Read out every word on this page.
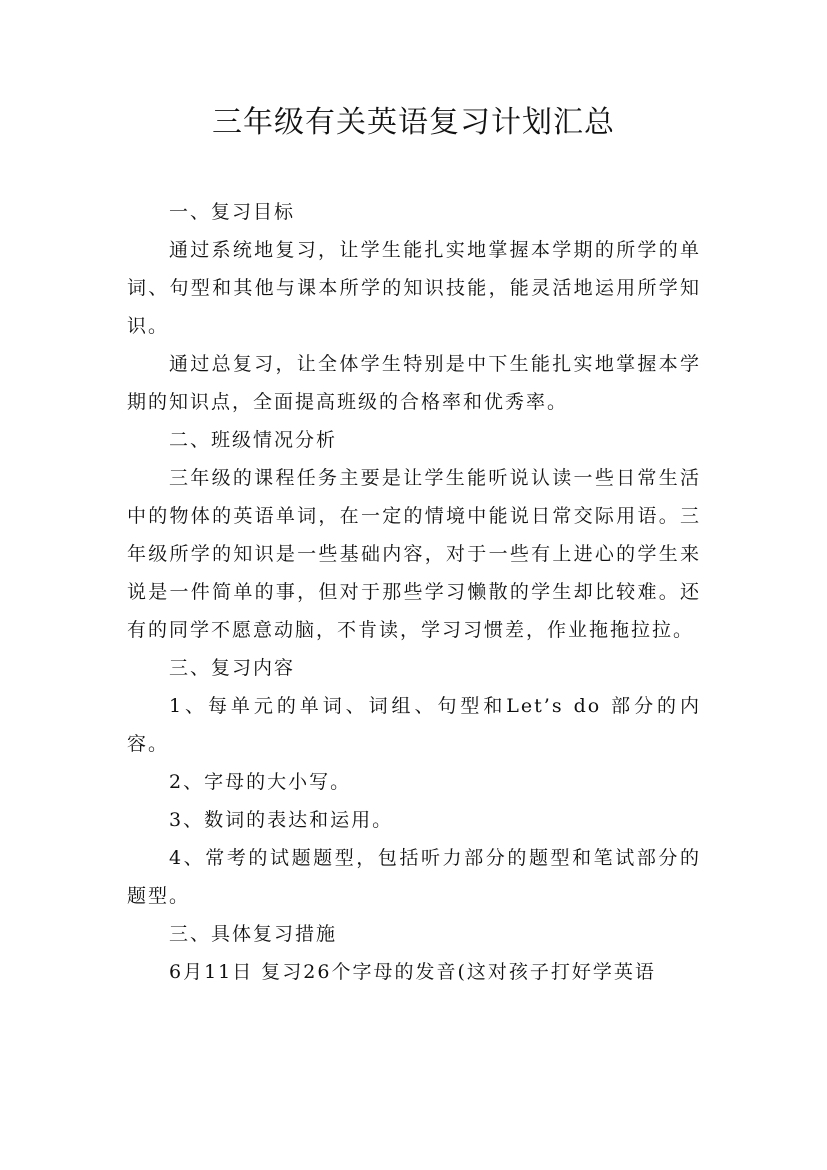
三年级有关英语复习计划汇总

一、复习目标

通过系统地复习，让学生能扎实地掌握本学期的所学的单词、句型和其他与课本所学的知识技能，能灵活地运用所学知识。

通过总复习，让全体学生特别是中下生能扎实地掌握本学期的知识点，全面提高班级的合格率和优秀率。

二、班级情况分析

三年级的课程任务主要是让学生能听说认读一些日常生活中的物体的英语单词，在一定的情境中能说日常交际用语。三年级所学的知识是一些基础内容，对于一些有上进心的学生来说是一件简单的事，但对于那些学习懒散的学生却比较难。还有的同学不愿意动脑，不肯读，学习习惯差，作业拖拖拉拉。

三、复习内容

1、每单元的单词、词组、句型和Let’s do 部分的内容。

2、字母的大小写。

3、数词的表达和运用。

4、常考的试题题型，包括听力部分的题型和笔试部分的题型。

三、具体复习措施

6月11日 复习26个字母的发音(这对孩子打好学英语
